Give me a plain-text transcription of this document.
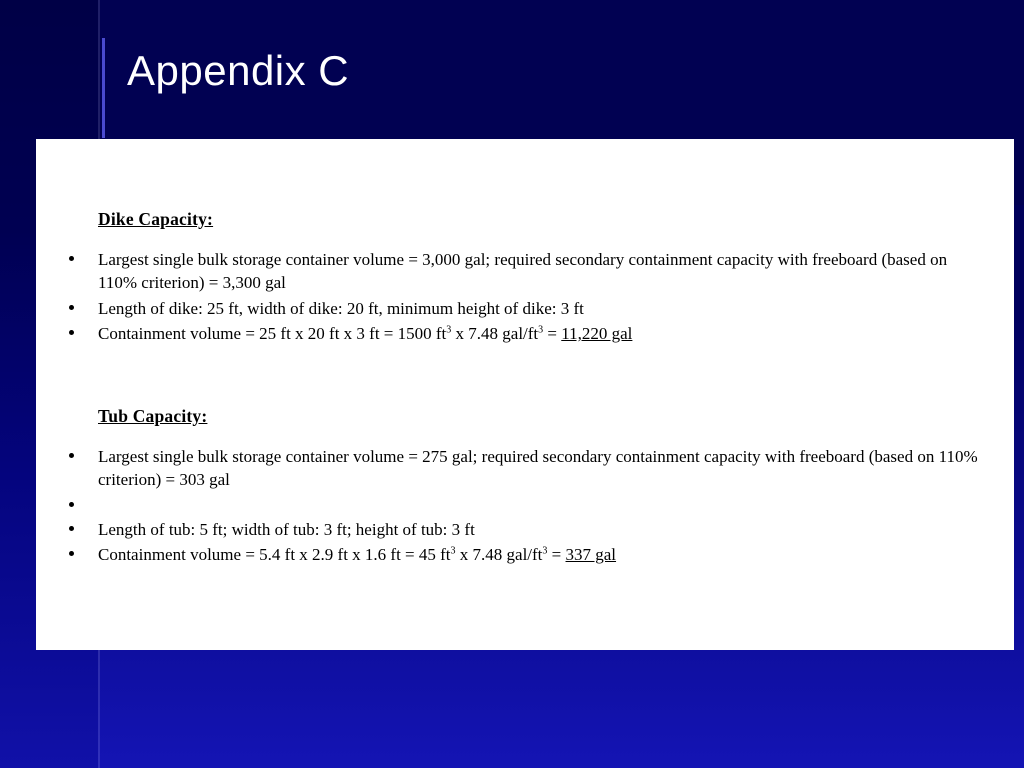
Appendix C
Dike Capacity:
Largest single bulk storage container volume = 3,000 gal; required secondary containment capacity with freeboard (based on 110% criterion) = 3,300 gal
Length of dike: 25 ft, width of dike: 20 ft, minimum height of dike: 3 ft
Containment volume = 25 ft x 20 ft x 3 ft = 1500 $ft^3$ x 7.48 gal/$ft^3 = 11,220$ gal
Tub Capacity:
Largest single bulk storage container volume = 275 gal; required secondary containment capacity with freeboard (based on 110% criterion) = 303 gal
Length of tub: 5 ft; width of tub: 3 ft; height of tub: 3 ft
Containment volume = 5.4 ft x 2.9 ft x 1.6 ft = 45 $ft^3$ x 7.48 gal/$ft^3 = 337$ gal
